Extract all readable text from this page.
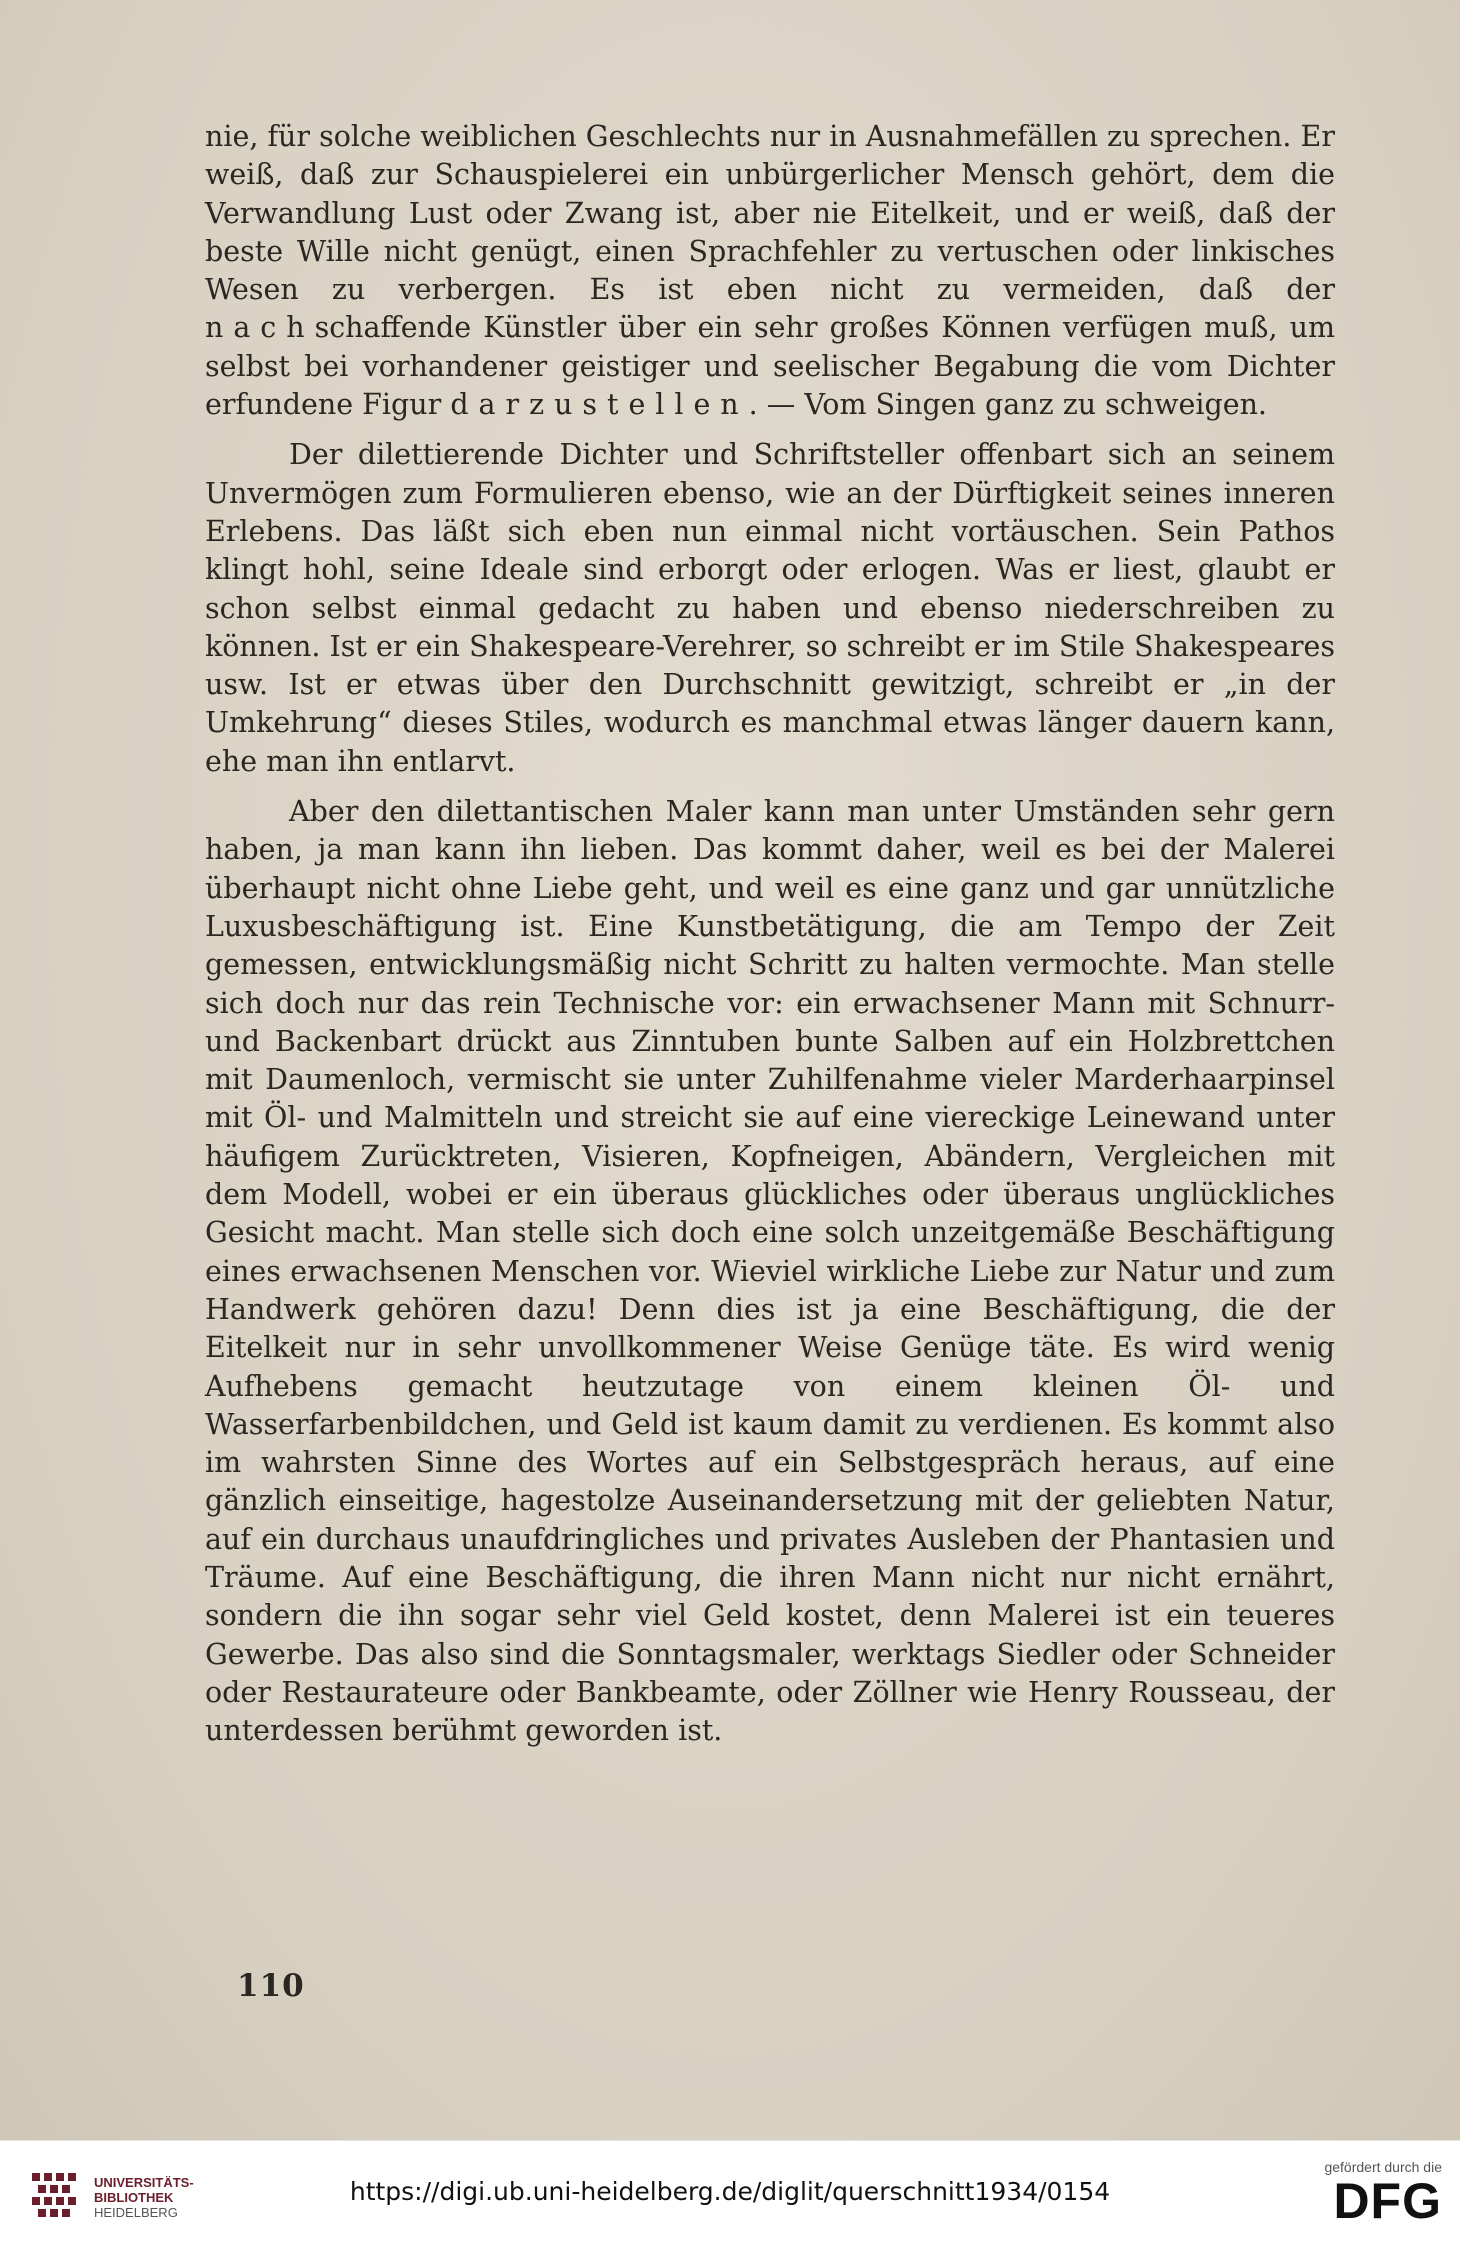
nie, für solche weiblichen Geschlechts nur in Ausnahmefällen zu sprechen. Er weiß, daß zur Schauspielerei ein unbürgerlicher Mensch gehört, dem die Verwandlung Lust oder Zwang ist, aber nie Eitelkeit, und er weiß, daß der beste Wille nicht genügt, einen Sprachfehler zu vertuschen oder linkisches Wesen zu verbergen. Es ist eben nicht zu vermeiden, daß der nachschaffende Künstler über ein sehr großes Können verfügen muß, um selbst bei vorhandener geistiger und seelischer Begabung die vom Dichter erfundene Figur darzustellen. — Vom Singen ganz zu schweigen.

Der dilettierende Dichter und Schriftsteller offenbart sich an seinem Unvermögen zum Formulieren ebenso, wie an der Dürftigkeit seines inneren Erlebens. Das läßt sich eben nun einmal nicht vortäuschen. Sein Pathos klingt hohl, seine Ideale sind erborgt oder erlogen. Was er liest, glaubt er schon selbst einmal gedacht zu haben und ebenso niederschreiben zu können. Ist er ein Shakespeare-Verehrer, so schreibt er im Stile Shakespeares usw. Ist er etwas über den Durchschnitt gewitzigt, schreibt er „in der Umkehrung“ dieses Stiles, wodurch es manchmal etwas länger dauern kann, ehe man ihn entlarvt.

Aber den dilettantischen Maler kann man unter Umständen sehr gern haben, ja man kann ihn lieben. Das kommt daher, weil es bei der Malerei überhaupt nicht ohne Liebe geht, und weil es eine ganz und gar unnützliche Luxusbeschäftigung ist. Eine Kunstbetätigung, die am Tempo der Zeit gemessen, entwicklungsmäßig nicht Schritt zu halten vermochte. Man stelle sich doch nur das rein Technische vor: ein erwachsener Mann mit Schnurr- und Backenbart drückt aus Zinntuben bunte Salben auf ein Holzbrettchen mit Daumenloch, vermischt sie unter Zuhilfenahme vieler Marderhaarpinsel mit Öl- und Malmitteln und streicht sie auf eine viereckige Leinewand unter häufigem Zurücktreten, Visieren, Kopfneigen, Abändern, Vergleichen mit dem Modell, wobei er ein überaus glückliches oder überaus unglückliches Gesicht macht. Man stelle sich doch eine solch unzeitgemäße Beschäftigung eines erwachsenen Menschen vor. Wieviel wirkliche Liebe zur Natur und zum Handwerk gehören dazu! Denn dies ist ja eine Beschäftigung, die der Eitelkeit nur in sehr unvollkommener Weise Genüge täte. Es wird wenig Aufhebens gemacht heutzutage von einem kleinen Öl- und Wasserfarbenbildchen, und Geld ist kaum damit zu verdienen. Es kommt also im wahrsten Sinne des Wortes auf ein Selbstgespräch heraus, auf eine gänzlich einseitige, hagestolze Auseinandersetzung mit der geliebten Natur, auf ein durchaus unaufdringliches und privates Ausleben der Phantasien und Träume. Auf eine Beschäftigung, die ihren Mann nicht nur nicht ernährt, sondern die ihn sogar sehr viel Geld kostet, denn Malerei ist ein teueres Gewerbe. Das also sind die Sonntagsmaler, werktags Siedler oder Schneider oder Restaurateure oder Bankbeamte, oder Zöllner wie Henry Rousseau, der unterdessen berühmt geworden ist.

110
UNIVERSITÄTS-
BIBLIOTHEK
HEIDELBERG
https://digi.ub.uni-heidelberg.de/diglit/querschnitt1934/0154
gefördert durch die
DFG
